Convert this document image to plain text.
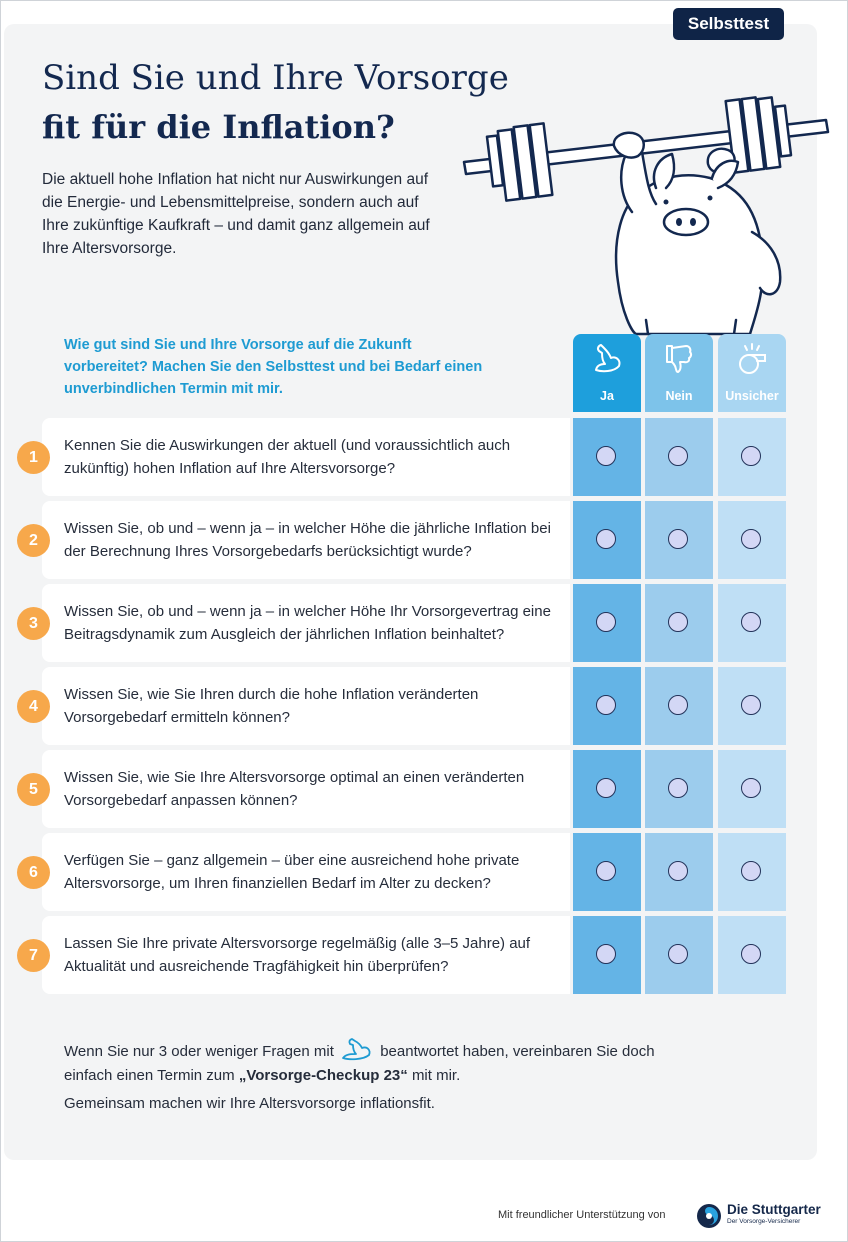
Selbsttest
Sind Sie und Ihre Vorsorge
fit für die Inflation?
Die aktuell hohe Inflation hat nicht nur Auswirkungen auf die Energie- und Lebensmittelpreise, sondern auch auf Ihre zukünftige Kaufkraft – und damit ganz allgemein auf Ihre Altersvorsorge.
Wie gut sind Sie und Ihre Vorsorge auf die Zukunft vorbereitet? Machen Sie den Selbsttest und bei Bedarf einen unverbindlichen Termin mit mir.	Ja	Nein	Unsicher
Kennen Sie die Auswirkungen der aktuell (und voraussichtlich auch zukünftig) hohen Inflation auf Ihre Altersvorsorge?
1
Wissen Sie, ob und – wenn ja – in welcher Höhe die jährliche Inflation bei der Berechnung Ihres Vorsorgebedarfs berücksichtigt wurde?
2
Wissen Sie, ob und – wenn ja – in welcher Höhe Ihr Vorsorgevertrag eine Beitragsdynamik zum Ausgleich der jährlichen Inflation beinhaltet?
3
Wissen Sie, wie Sie Ihren durch die hohe Inflation veränderten Vorsorgebedarf ermitteln können?
4
Wissen Sie, wie Sie Ihre Altersvorsorge optimal an einen veränderten Vorsorgebedarf anpassen können?
5
Verfügen Sie – ganz allgemein – über eine ausreichend hohe private Altersvorsorge, um Ihren finanziellen Bedarf im Alter zu decken?
6
Lassen Sie Ihre private Altersvorsorge regelmäßig (alle 3–5 Jahre) auf Aktualität und ausreichende Tragfähigkeit hin überprüfen?
7
Wenn Sie nur 3 oder weniger Fragen mit	beantwortet haben, vereinbaren Sie doch einfach einen Termin zum „Vorsorge-Checkup 23“ mit mir.
Gemeinsam machen wir Ihre Altersvorsorge inflationsfit.
Mit freundlicher Unterstützung von	Die Stuttgarter
Der Vorsorge-Versicherer
